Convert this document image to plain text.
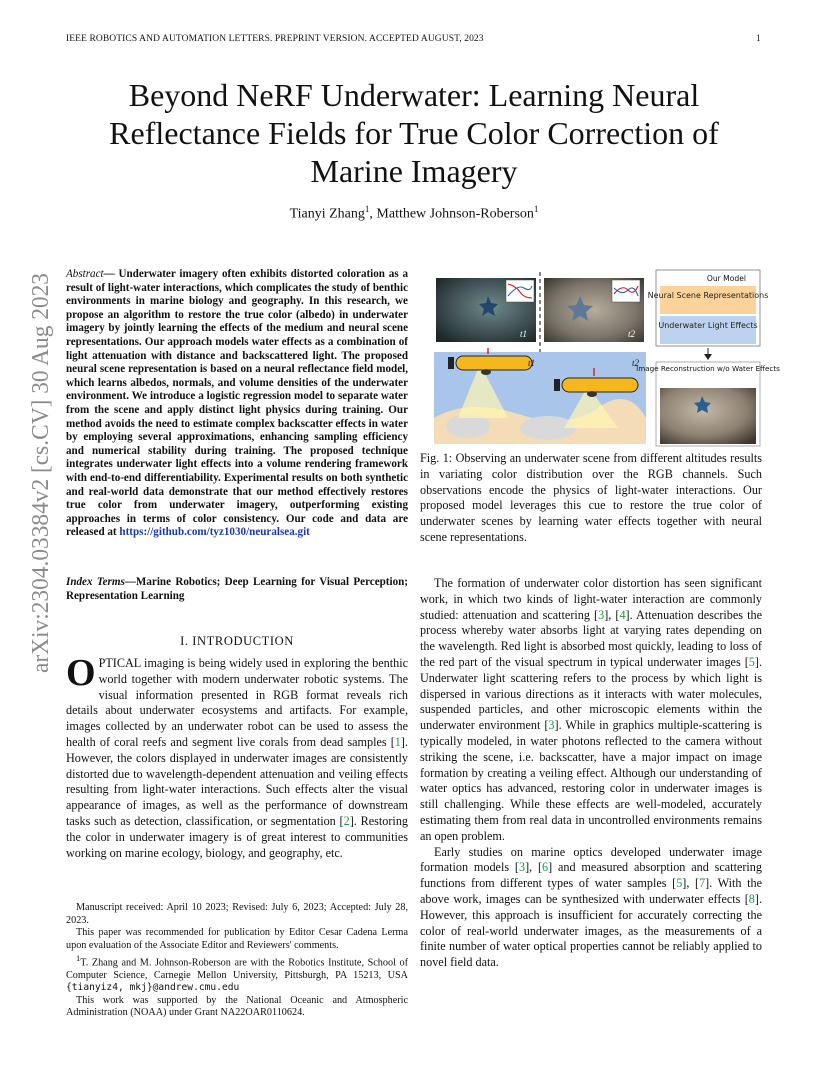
IEEE ROBOTICS AND AUTOMATION LETTERS. PREPRINT VERSION. ACCEPTED AUGUST, 2023	1
arXiv:2304.03384v2 [cs.CV] 30 Aug 2023
Beyond NeRF Underwater: Learning Neural Reflectance Fields for True Color Correction of Marine Imagery
Tianyi Zhang$^1$, Matthew Johnson-Roberson$^1$
Abstract— Underwater imagery often exhibits distorted coloration as a result of light-water interactions, which complicates the study of benthic environments in marine biology and geography. In this research, we propose an algorithm to restore the true color (albedo) in underwater imagery by jointly learning the effects of the medium and neural scene representations. Our approach models water effects as a combination of light attenuation with distance and backscattered light. The proposed neural scene representation is based on a neural reflectance field model, which learns albedos, normals, and volume densities of the underwater environment. We introduce a logistic regression model to separate water from the scene and apply distinct light physics during training. Our method avoids the need to estimate complex backscatter effects in water by employing several approximations, enhancing sampling efficiency and numerical stability during training. The proposed technique integrates underwater light effects into a volume rendering framework with end-to-end differentiability. Experimental results on both synthetic and real-world data demonstrate that our method effectively restores true color from underwater imagery, outperforming existing approaches in terms of color consistency. Our code and data are released at https://github.com/tyz1030/neuralsea.git
Index Terms—Marine Robotics; Deep Learning for Visual Perception; Representation Learning
I. INTRODUCTION
OPTICAL imaging is being widely used in exploring the benthic world together with modern underwater robotic systems. The visual information presented in RGB format reveals rich details about underwater ecosystems and artifacts. For example, images collected by an underwater robot can be used to assess the health of coral reefs and segment live corals from dead samples [1]. However, the colors displayed in underwater images are consistently distorted due to wavelength-dependent attenuation and veiling effects resulting from light-water interactions. Such effects alter the visual appearance of images, as well as the performance of downstream tasks such as detection, classification, or segmentation [2]. Restoring the color in underwater imagery is of great interest to communities working on marine ecology, biology, and geography, etc.

Manuscript received: April 10 2023; Revised: July 6, 2023; Accepted: July 28, 2023.

This paper was recommended for publication by Editor Cesar Cadena Lerma upon evaluation of the Associate Editor and Reviewers' comments.

$^1$T. Zhang and M. Johnson-Roberson are with the Robotics Institute, School of Computer Science, Carnegie Mellon University, Pittsburgh, PA 15213, USA {tianyiz4, mkj}@andrew.cmu.edu

This work was supported by the National Oceanic and Atmospheric Administration (NOAA) under Grant NA22OAR0110624.

t1	t2
t1	t2
Our Model
Neural Scene Representations
Underwater Light Effects
Image Reconstruction w/o Water Effects
Fig. 1: Observing an underwater scene from different altitudes results in variating color distribution over the RGB channels. Such observations encode the physics of light-water interactions. Our proposed model leverages this cue to restore the true color of underwater scenes by learning water effects together with neural scene representations.

The formation of underwater color distortion has seen significant work, in which two kinds of light-water interaction are commonly studied: attenuation and scattering [3], [4]. Attenuation describes the process whereby water absorbs light at varying rates depending on the wavelength. Red light is absorbed most quickly, leading to loss of the red part of the visual spectrum in typical underwater images [5]. Underwater light scattering refers to the process by which light is dispersed in various directions as it interacts with water molecules, suspended particles, and other microscopic elements within the underwater environment [3]. While in graphics multiple-scattering is typically modeled, in water photons reflected to the camera without striking the scene, i.e. backscatter, have a major impact on image formation by creating a veiling effect. Although our understanding of water optics has advanced, restoring color in underwater images is still challenging. While these effects are well-modeled, accurately estimating them from real data in uncontrolled environments remains an open problem.

Early studies on marine optics developed underwater image formation models [3], [6] and measured absorption and scattering functions from different types of water samples [5], [7]. With the above work, images can be synthesized with underwater effects [8]. However, this approach is insufficient for accurately correcting the color of real-world underwater images, as the measurements of a finite number of water optical properties cannot be reliably applied to novel field data.
